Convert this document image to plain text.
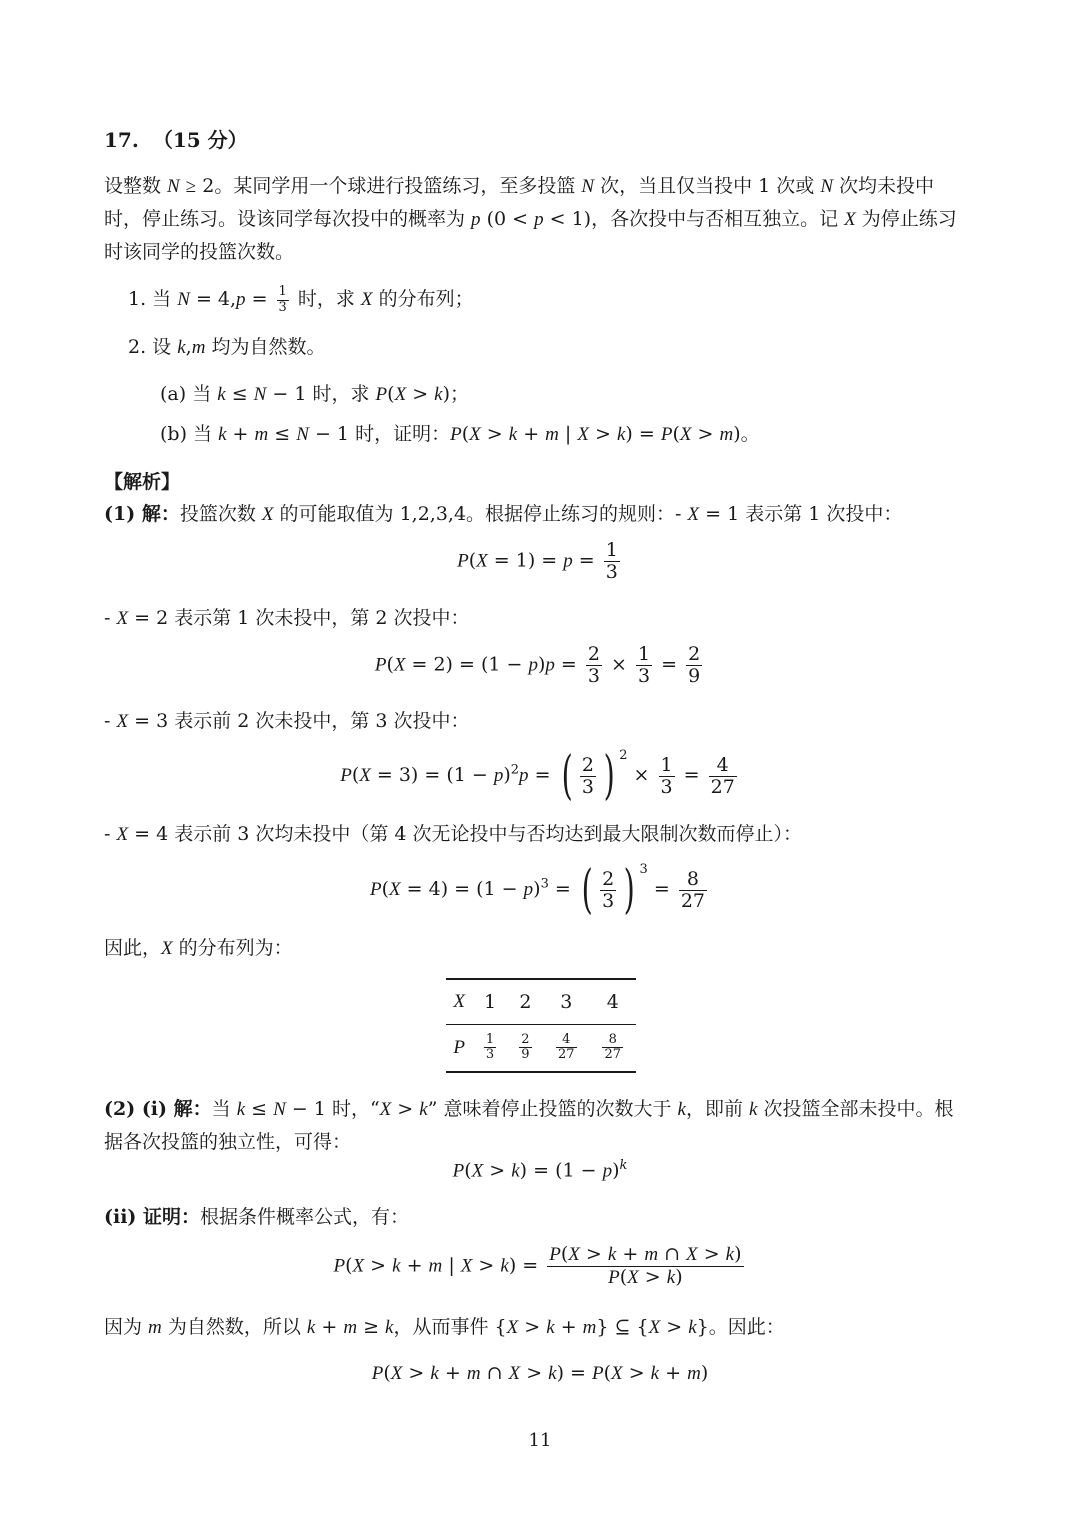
17. （15 分）
设整数 N ≥ 2。某同学用一个球进行投篮练习，至多投篮 N 次，当且仅当投中 1 次或 N 次均未投中
时，停止练习。设该同学每次投中的概率为 p (0 < p < 1)，各次投中与否相互独立。记 X 为停止练习
时该同学的投篮次数。
1. 当 $N = 4,p = \frac{1}{3}$ 时，求 X 的分布列；
2. 设 k,m 均为自然数。
(a) 当 k ≤ N − 1 时，求 P(X > k)；
(b) 当 k + m ≤ N − 1 时，证明：P(X > k + m | X > k) = P(X > m)。
【解析】
(1) 解：投篮次数 X 的可能取值为 1,2,3,4。根据停止练习的规则：- X = 1 表示第 1 次投中：
$P(X = 1) = p = \frac{1}{3}$
- X = 2 表示第 1 次未投中，第 2 次投中：
$P(X = 2) = (1 - p)p = \frac{2}{3} \times \frac{1}{3} = \frac{2}{9}$
- X = 3 表示前 2 次未投中，第 3 次投中：
$P(X = 3) = (1 - p)^2p$ = ( $\frac{2}{3}$ ) $^2 \times \frac{1}{3} = \frac{4}{27}$
- X = 4 表示前 3 次均未投中（第 4 次无论投中与否均达到最大限制次数而停止）：
$P(X = 4) = (1 - p)^3$ = ( $\frac{2}{3}$ ) $^3 = \frac{8}{27}$
因此，X 的分布列为：
X	1	2	3	4
P	$\frac{1}{3}$	$\frac{2}{9}$	$\frac{4}{27}$	$\frac{8}{27}$
(2) (i) 解：当 k ≤ N − 1 时，“X > k” 意味着停止投篮的次数大于 k，即前 k 次投篮全部未投中。根
据各次投篮的独立性，可得：
$P(X > k) = (1 - p)^k$
(ii) 证明：根据条件概率公式，有：
P(X > k + m | $X > k) = \frac{P(X > k + m \cap X > k)}{P(X > k)}$
因为 m 为自然数，所以 k + m ≥ k，从而事件 {X > k + m} ⊆ {X > k}。因此：
P(X > k + m ∩ X > k) = P(X > k + m)
11
